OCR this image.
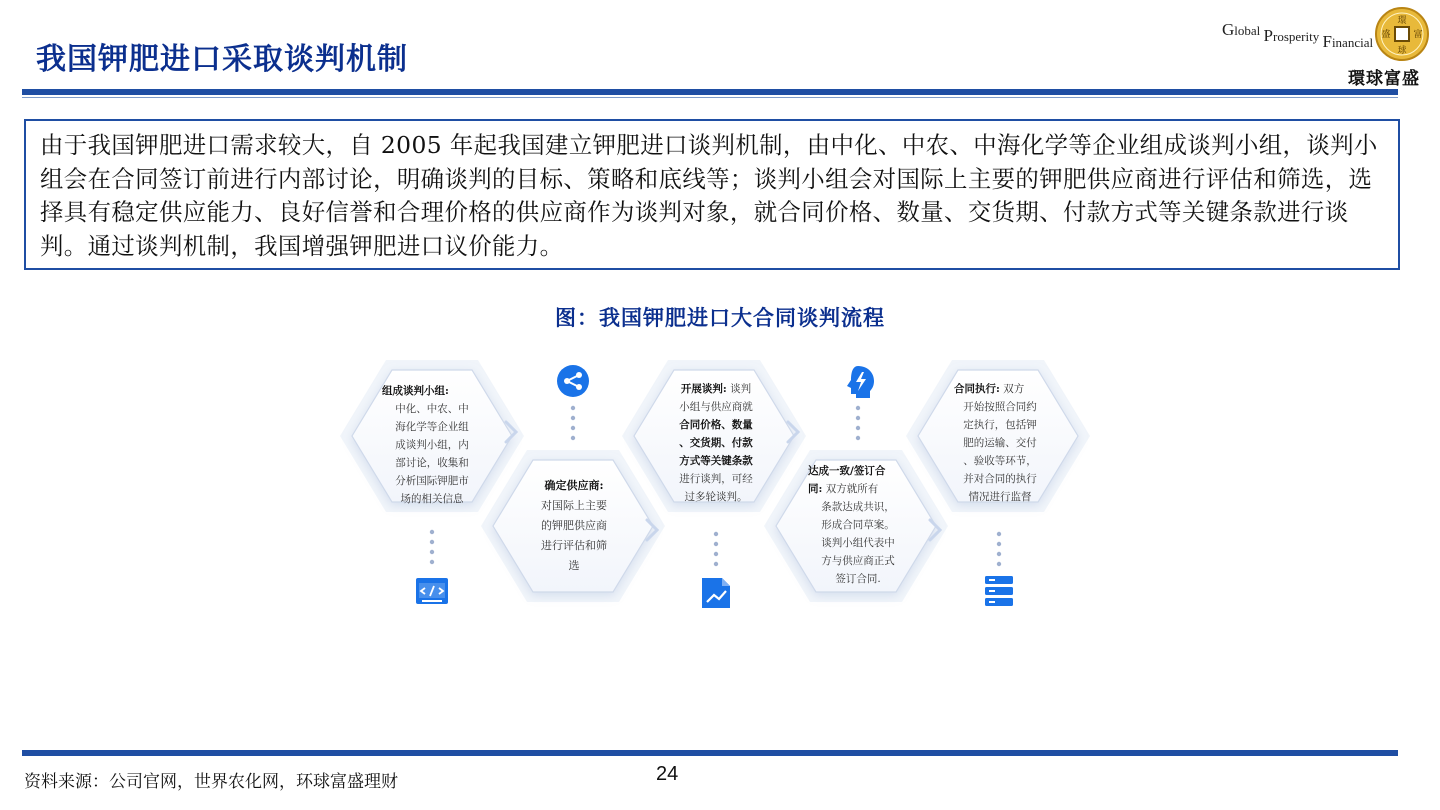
我国钾肥进口采取谈判机制
Global Prosperity Financial
環
球
富
盛
環球富盛

由于我国钾肥进口需求较大，自 2005 年起我国建立钾肥进口谈判机制，由中化、中农、中海化学等企业组成谈判小组，谈判小组会在合同签订前进行内部讨论，明确谈判的目标、策略和底线等；谈判小组会对国际上主要的钾肥供应商进行评估和筛选，选择具有稳定供应能力、良好信誉和合理价格的供应商作为谈判对象，就合同价格、数量、交货期、付款方式等关键条款进行谈判。通过谈判机制，我国增强钾肥进口议价能力。

图：我国钾肥进口大合同谈判流程
组成谈判小组:
中化、中农、中
海化学等企业组
成谈判小组，内
部讨论，收集和
分析国际钾肥市
场的相关信息
确定供应商:
对国际上主要
的钾肥供应商
进行评估和筛
选
开展谈判: 谈判
小组与供应商就
合同价格、数量
、交货期、付款
方式等关键条款
进行谈判，可经
过多轮谈判。
达成一致/签订合
同: 双方就所有
条款达成共识，
形成合同草案。
谈判小组代表中
方与供应商正式
签订合同.
合同执行: 双方
开始按照合同约
定执行，包括钾
肥的运输、交付
、验收等环节，
并对合同的执行
情况进行监督
资料来源：公司官网，世界农化网，环球富盛理财	24
